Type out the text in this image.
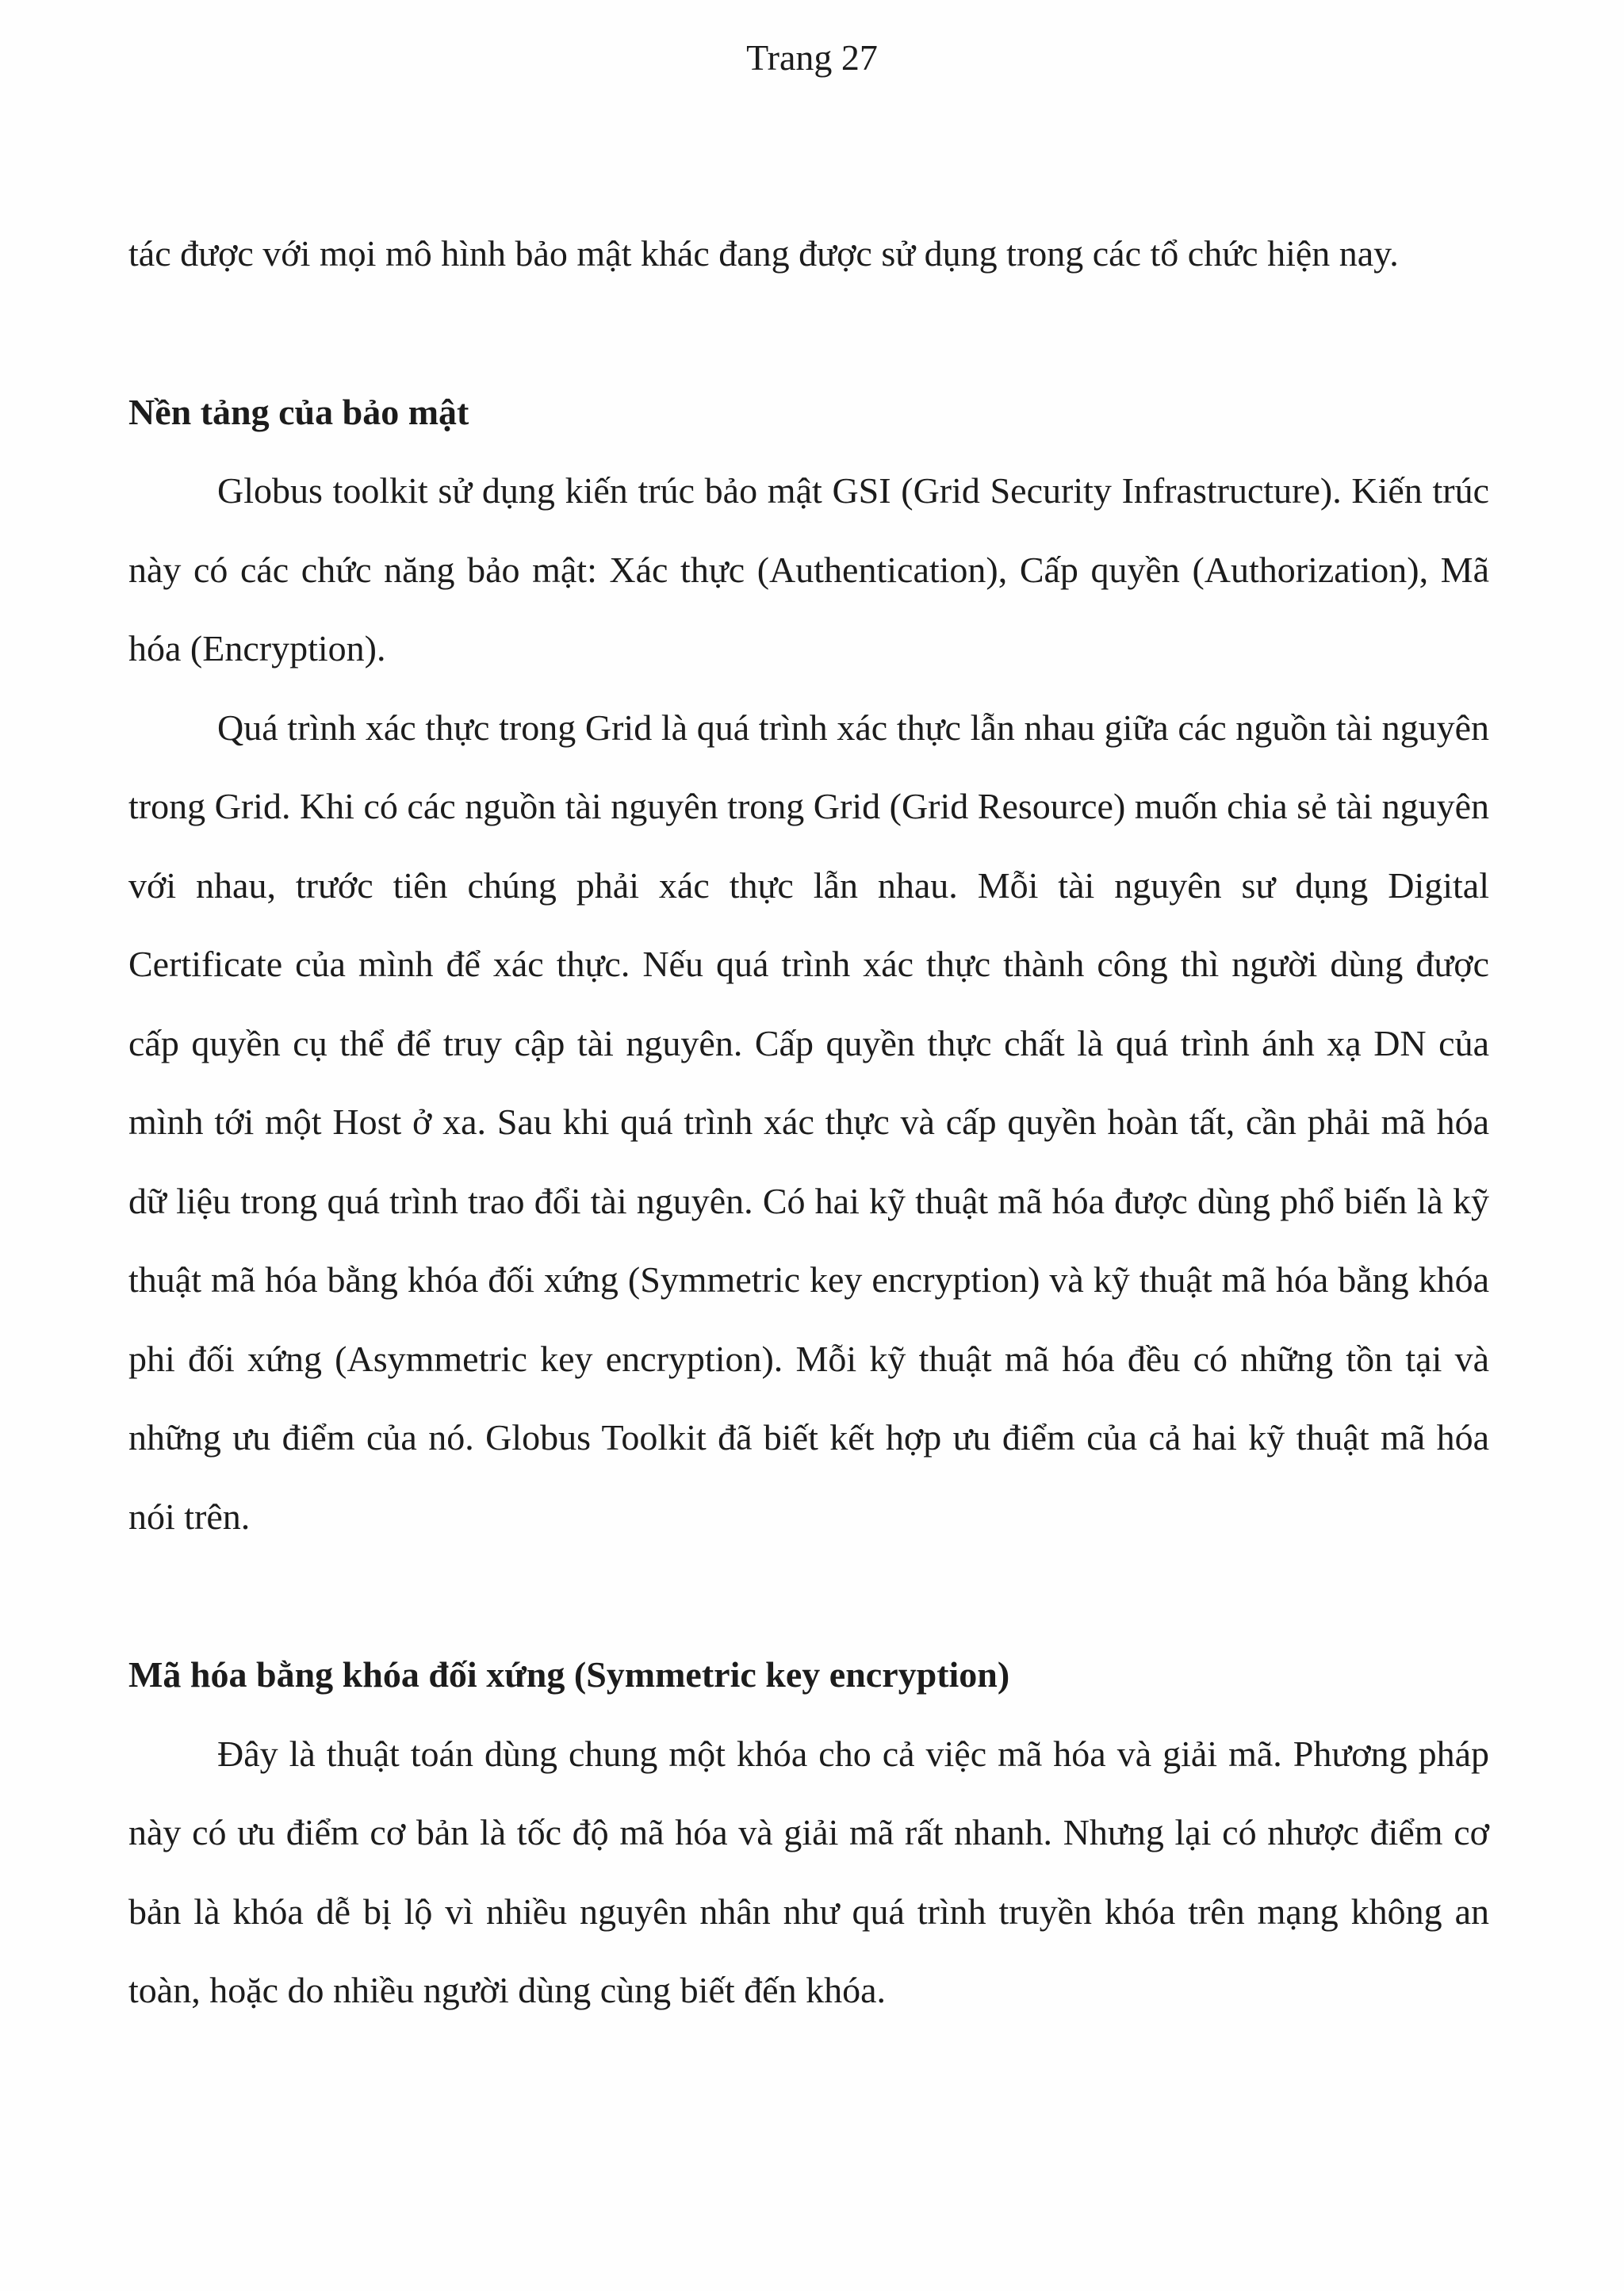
Trang 27

tác được với mọi mô hình bảo mật khác đang được sử dụng trong các tổ chức hiện nay.

Nền tảng của bảo mật

Globus toolkit sử dụng kiến trúc bảo mật GSI (Grid Security Infrastructure). Kiến trúc này có các chức năng bảo mật: Xác thực (Authentication), Cấp quyền (Authorization), Mã hóa (Encryption).

Quá trình xác thực trong Grid là quá trình xác thực lẫn nhau giữa các nguồn tài nguyên trong Grid. Khi có các nguồn tài nguyên trong Grid (Grid Resource) muốn chia sẻ tài nguyên với nhau, trước tiên chúng phải xác thực lẫn nhau. Mỗi tài nguyên sư dụng Digital Certificate của mình để xác thực. Nếu quá trình xác thực thành công thì người dùng được cấp quyền cụ thể để truy cập tài nguyên. Cấp quyền thực chất là quá trình ánh xạ DN của mình tới một Host ở xa. Sau khi quá trình xác thực và cấp quyền hoàn tất, cần phải mã hóa dữ liệu trong quá trình trao đổi tài nguyên. Có hai kỹ thuật mã hóa được dùng phổ biến là kỹ thuật mã hóa bằng khóa đối xứng (Symmetric key encryption) và kỹ thuật mã hóa bằng khóa phi đối xứng (Asymmetric key encryption). Mỗi kỹ thuật mã hóa đều có những tồn tại và những ưu điểm của nó. Globus Toolkit đã biết kết hợp ưu điểm của cả hai kỹ thuật mã hóa nói trên.

Mã hóa bằng khóa đối xứng (Symmetric key encryption)

Đây là thuật toán dùng chung một khóa cho cả việc mã hóa và giải mã. Phương pháp này có ưu điểm cơ bản là tốc độ mã hóa và giải mã rất nhanh. Nhưng lại có nhược điểm cơ bản là khóa dễ bị lộ vì nhiều nguyên nhân như quá trình truyền khóa trên mạng không an toàn, hoặc do nhiều người dùng cùng biết đến khóa.
